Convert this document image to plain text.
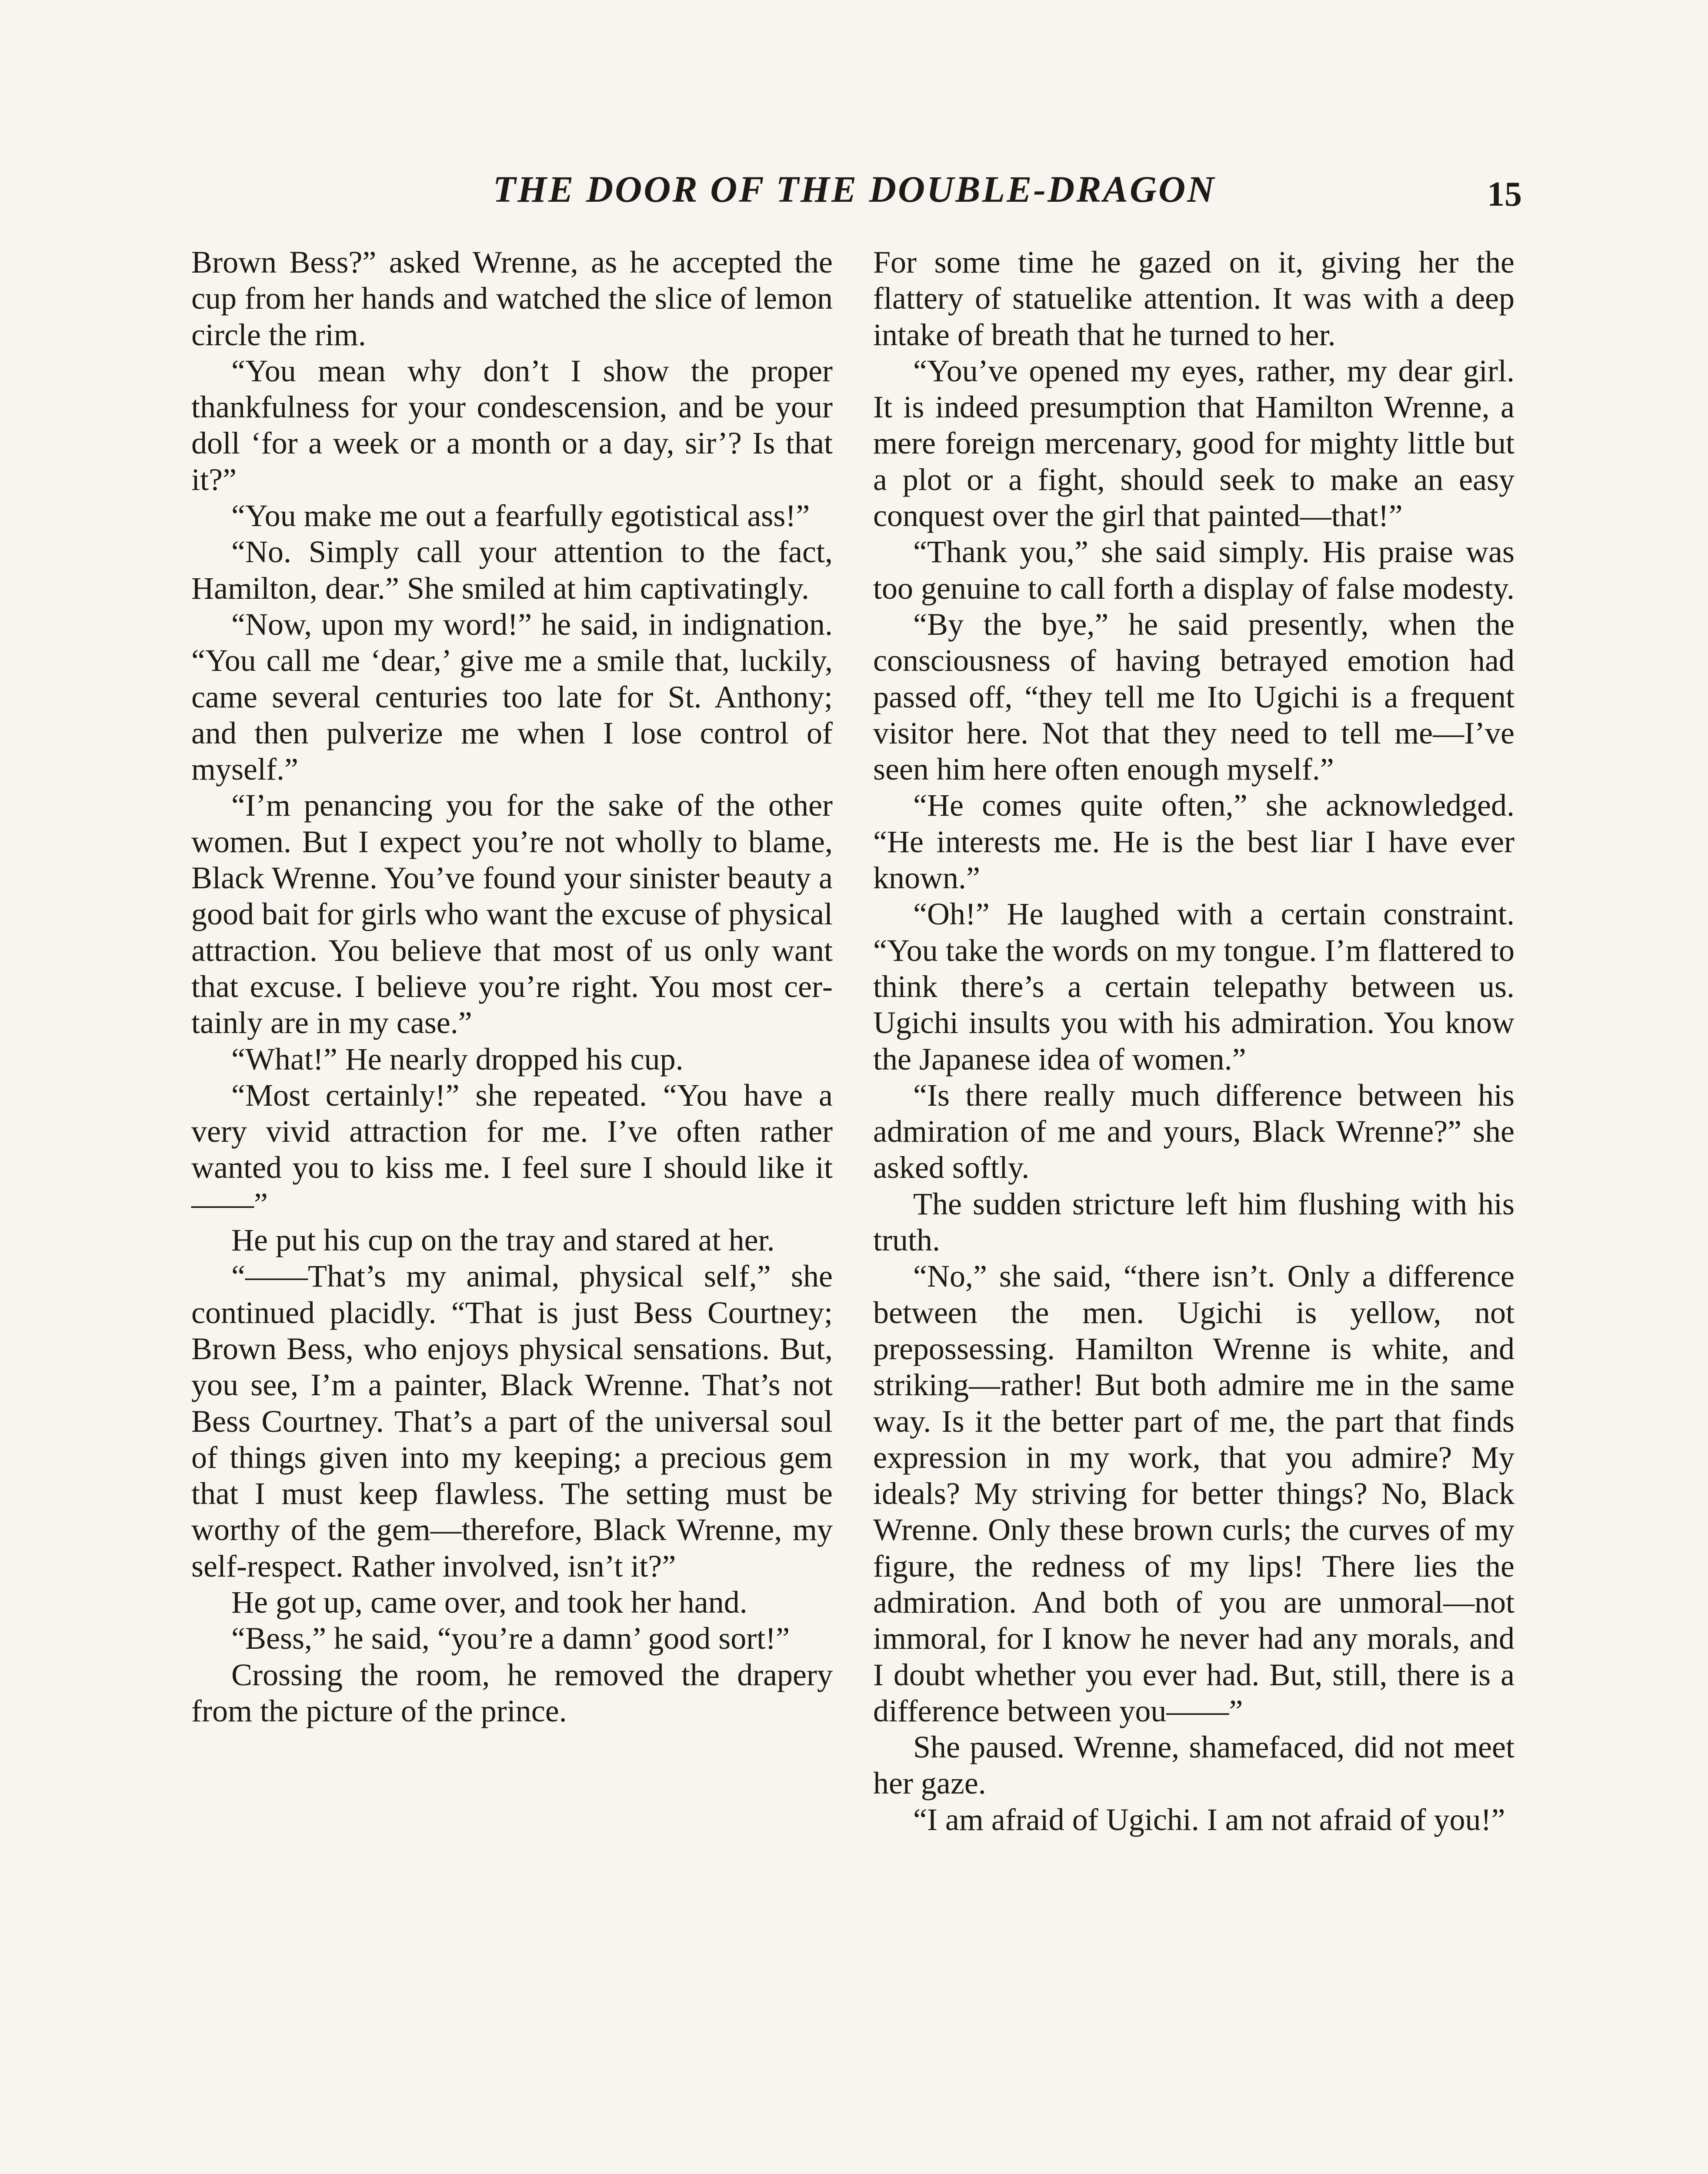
THE DOOR OF THE DOUBLE-DRAGON	15

Brown Bess?” asked Wrenne, as he accepted the cup from her hands and watched the slice of lemon circle the rim.

“You mean why don’t I show the proper thankfulness for your condescension, and be your doll ‘for a week or a month or a day, sir’? Is that it?”

“You make me out a fearfully egotistical ass!”

“No. Simply call your attention to the fact, Hamilton, dear.” She smiled at him captivatingly.

“Now, upon my word!” he said, in indignation. “You call me ‘dear,’ give me a smile that, luckily, came several centuries too late for St. Anthony; and then pulverize me when I lose control of myself.”

“I’m penancing you for the sake of the other women. But I expect you’re not wholly to blame, Black Wrenne. You’ve found your sinister beauty a good bait for girls who want the excuse of physical attraction. You believe that most of us only want that excuse. I believe you’re right. You most certainly are in my case.”

“What!” He nearly dropped his cup.

“Most certainly!” she repeated. “You have a very vivid attraction for me. I’ve often rather wanted you to kiss me. I feel sure I should like it——”

He put his cup on the tray and stared at her.

“——That’s my animal, physical self,” she continued placidly. “That is just Bess Courtney; Brown Bess, who enjoys physical sensations. But, you see, I’m a painter, Black Wrenne. That’s not Bess Courtney. That’s a part of the universal soul of things given into my keeping; a precious gem that I must keep flawless. The setting must be worthy of the gem—therefore, Black Wrenne, my self-respect. Rather involved, isn’t it?”

He got up, came over, and took her hand.

“Bess,” he said, “you’re a damn’ good sort!”

Crossing the room, he removed the drapery from the picture of the prince.

For some time he gazed on it, giving her the flattery of statuelike attention. It was with a deep intake of breath that he turned to her.

“You’ve opened my eyes, rather, my dear girl. It is indeed presumption that Hamilton Wrenne, a mere foreign mercenary, good for mighty little but a plot or a fight, should seek to make an easy conquest over the girl that painted—that!”

“Thank you,” she said simply. His praise was too genuine to call forth a display of false modesty.

“By the bye,” he said presently, when the consciousness of having betrayed emotion had passed off, “they tell me Ito Ugichi is a frequent visitor here. Not that they need to tell me—I’ve seen him here often enough myself.”

“He comes quite often,” she acknowledged. “He interests me. He is the best liar I have ever known.”

“Oh!” He laughed with a certain constraint. “You take the words on my tongue. I’m flattered to think there’s a certain telepathy between us. Ugichi insults you with his admiration. You know the Japanese idea of women.”

“Is there really much difference between his admiration of me and yours, Black Wrenne?” she asked softly.

The sudden stricture left him flushing with his truth.

“No,” she said, “there isn’t. Only a difference between the men. Ugichi is yellow, not prepossessing. Hamilton Wrenne is white, and striking—rather! But both admire me in the same way. Is it the better part of me, the part that finds expression in my work, that you admire? My ideals? My striving for better things? No, Black Wrenne. Only these brown curls; the curves of my figure, the redness of my lips! There lies the admiration. And both of you are unmoral—not immoral, for I know he never had any morals, and I doubt whether you ever had. But, still, there is a difference between you——”

She paused. Wrenne, shamefaced, did not meet her gaze.

“I am afraid of Ugichi. I am not afraid of you!”
